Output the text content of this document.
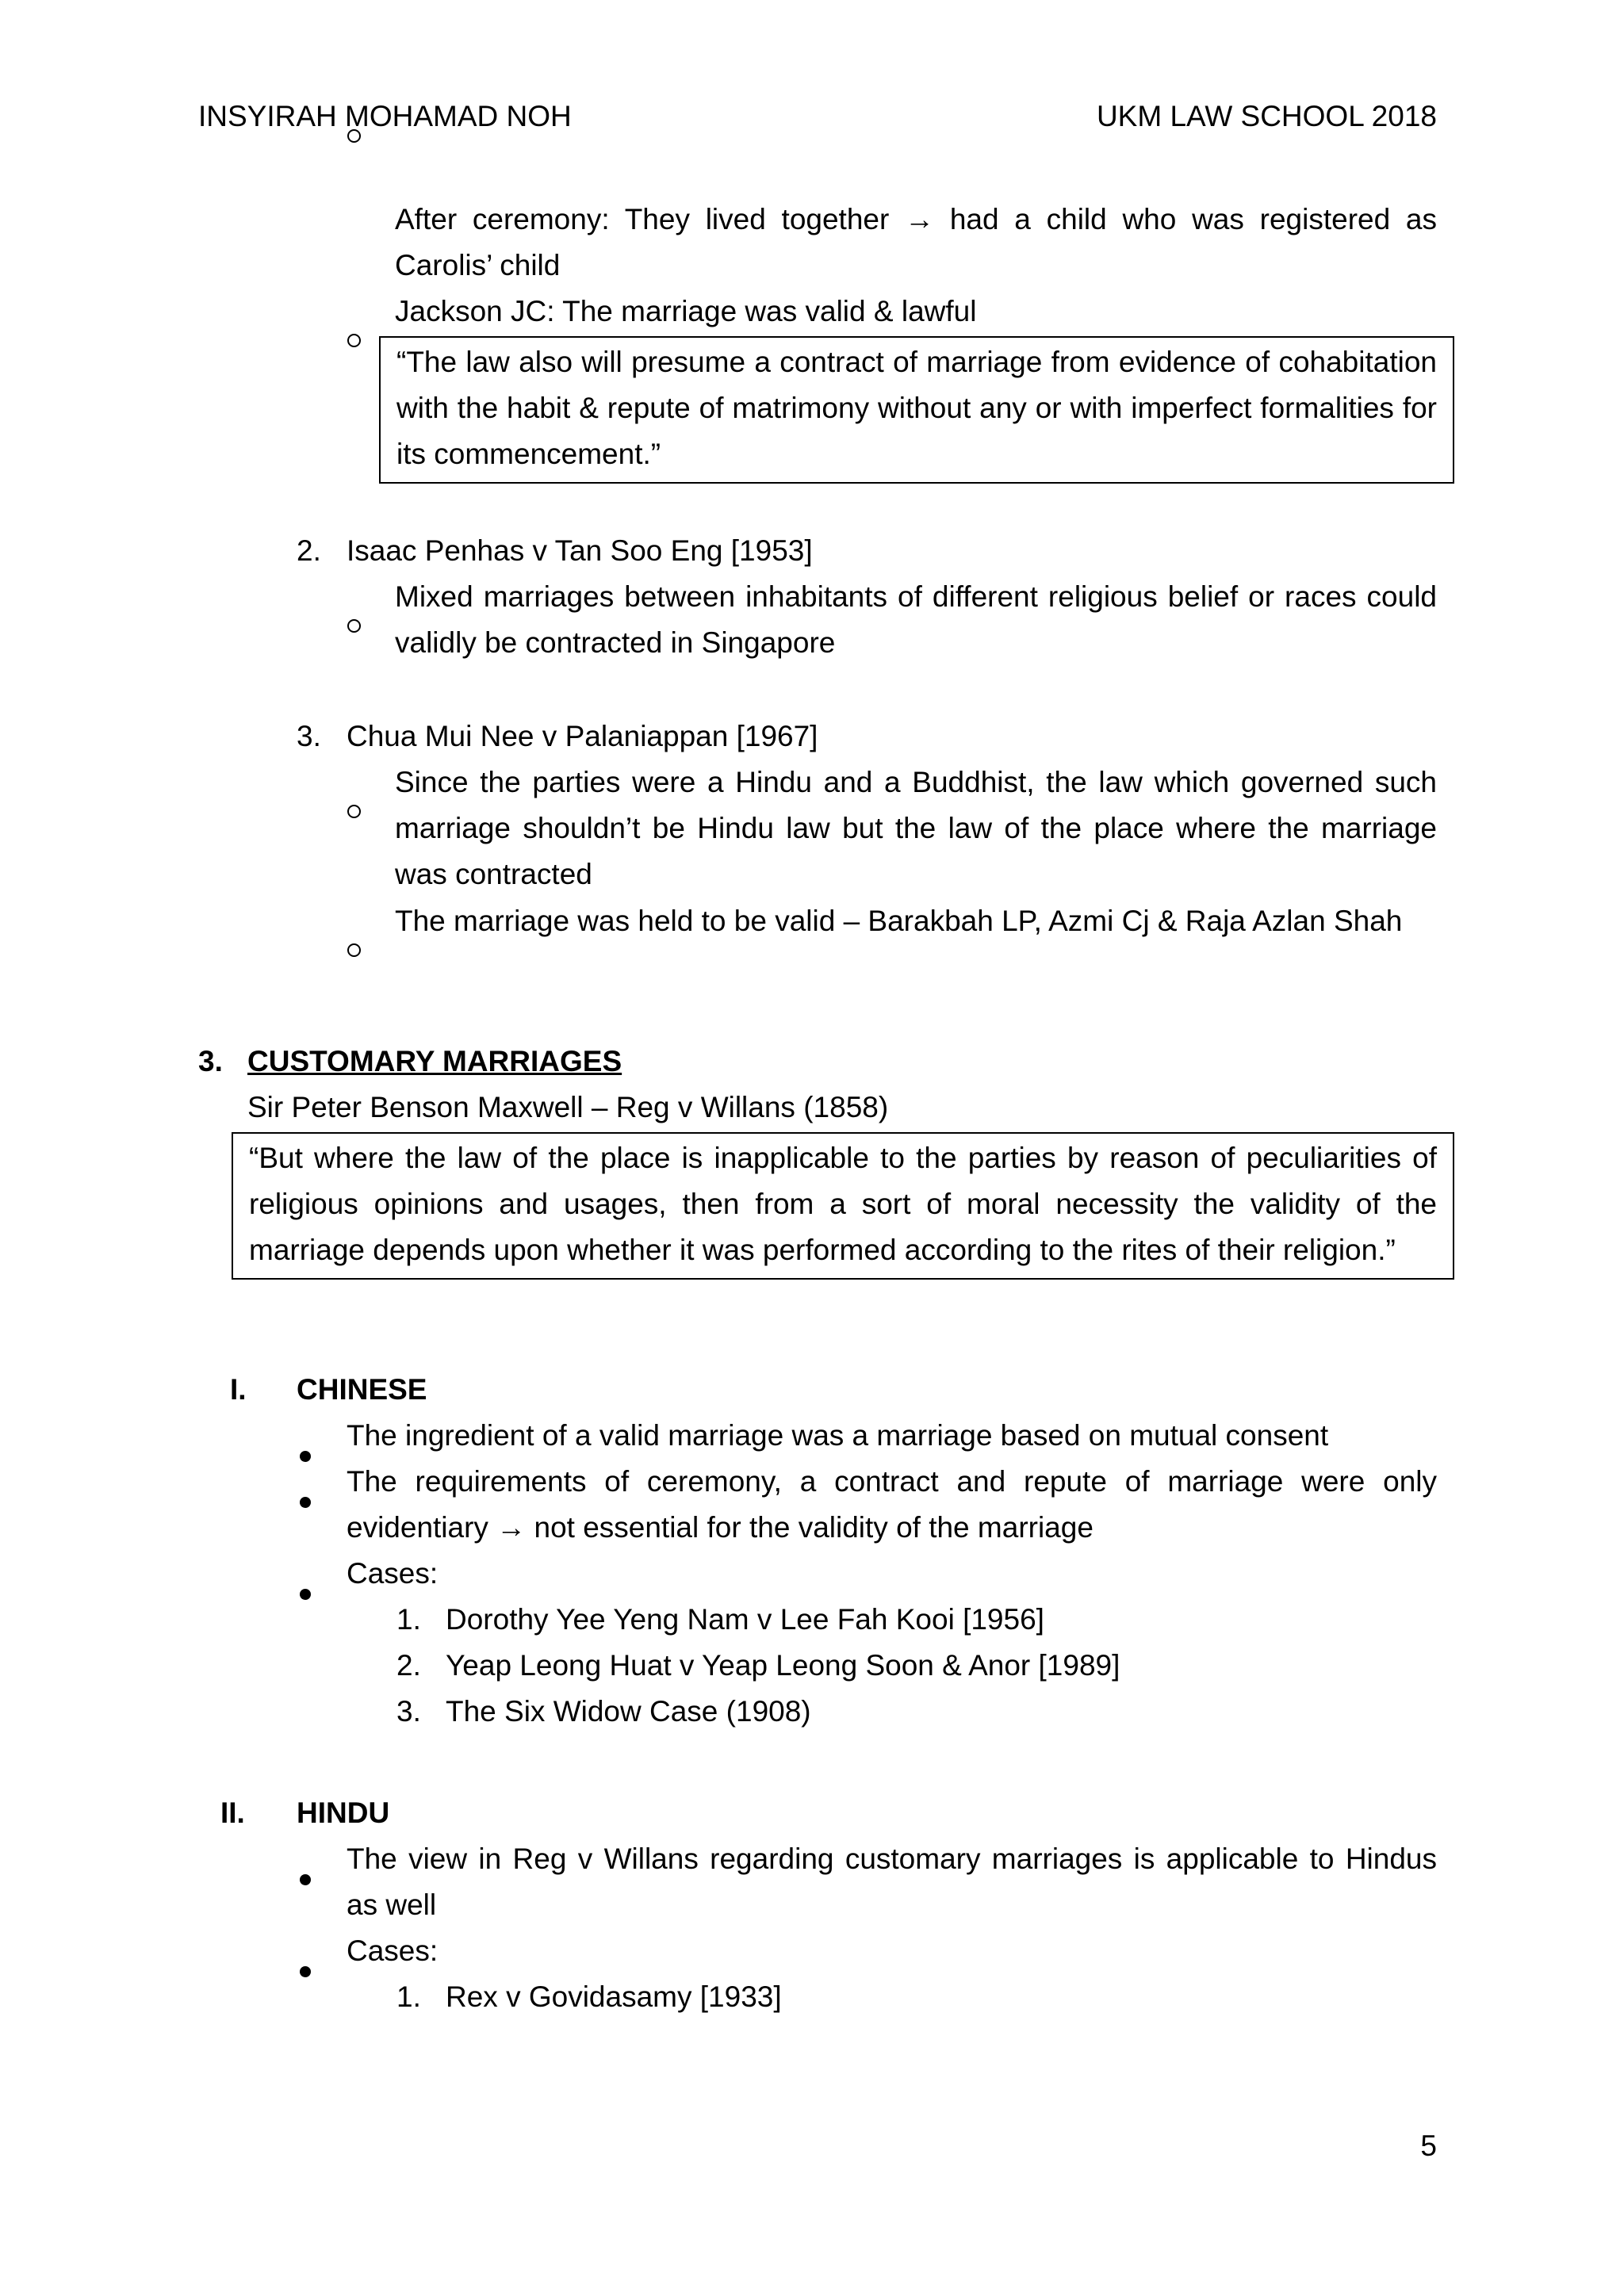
INSYIRAH MOHAMAD NOH	UKM LAW SCHOOL 2018
After ceremony: They lived together → had a child who was registered as Carolis’ child
Jackson JC: The marriage was valid & lawful
“The law also will presume a contract of marriage from evidence of cohabitation with the habit & repute of matrimony without any or with imperfect formalities for its commencement.”
2. Isaac Penhas v Tan Soo Eng [1953]
Mixed marriages between inhabitants of different religious belief or races could validly be contracted in Singapore
3. Chua Mui Nee v Palaniappan [1967]
Since the parties were a Hindu and a Buddhist, the law which governed such marriage shouldn’t be Hindu law but the law of the place where the marriage was contracted
The marriage was held to be valid – Barakbah LP, Azmi Cj & Raja Azlan Shah
3. CUSTOMARY MARRIAGES
Sir Peter Benson Maxwell – Reg v Willans (1858)
“But where the law of the place is inapplicable to the parties by reason of peculiarities of religious opinions and usages, then from a sort of moral necessity the validity of the marriage depends upon whether it was performed according to the rites of their religion.”
I. CHINESE
The ingredient of a valid marriage was a marriage based on mutual consent
The requirements of ceremony, a contract and repute of marriage were only evidentiary → not essential for the validity of the marriage
Cases:
1. Dorothy Yee Yeng Nam v Lee Fah Kooi [1956]
2. Yeap Leong Huat v Yeap Leong Soon & Anor [1989]
3. The Six Widow Case (1908)
II. HINDU
The view in Reg v Willans regarding customary marriages is applicable to Hindus as well
Cases:
1. Rex v Govidasamy [1933]
5
